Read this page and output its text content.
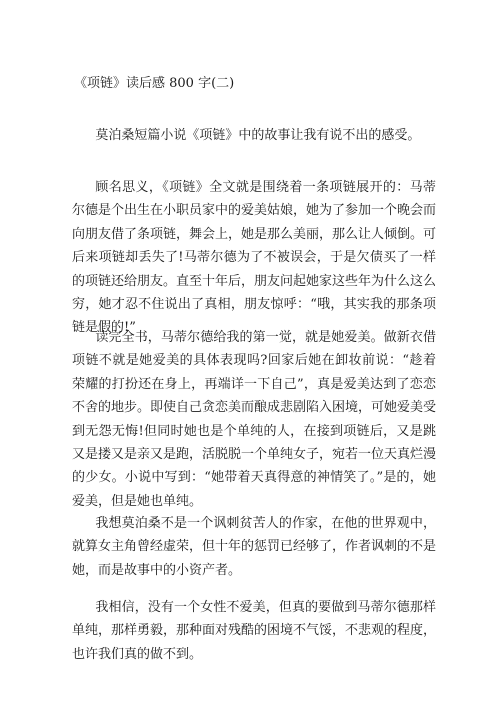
《项链》读后感 800 字(二)

莫泊桑短篇小说《项链》中的故事让我有说不出的感受。

顾名思义，《项链》全文就是围绕着一条项链展开的：马蒂尔德是个出生在小职员家中的爱美姑娘，她为了参加一个晚会而向朋友借了条项链，舞会上，她是那么美丽，那么让人倾倒。可后来项链却丢失了!马蒂尔德为了不被误会，于是欠债买了一样的项链还给朋友。直至十年后，朋友问起她家这些年为什么这么穷，她才忍不住说出了真相，朋友惊呼：“哦，其实我的那条项链是假的!”

读完全书，马蒂尔德给我的第一觉，就是她爱美。做新衣借项链不就是她爱美的具体表现吗?回家后她在卸妆前说：“趁着荣耀的打扮还在身上，再端详一下自己”，真是爱美达到了恋恋不舍的地步。即使自己贪恋美而酿成悲剧陷入困境，可她爱美受到无怨无悔!但同时她也是个单纯的人，在接到项链后，又是跳又是搂又是亲又是跑，活脱脱一个单纯女子，宛若一位天真烂漫的少女。小说中写到：“她带着天真得意的神情笑了。”是的，她爱美，但是她也单纯。

我想莫泊桑不是一个讽刺贫苦人的作家，在他的世界观中，就算女主角曾经虚荣，但十年的惩罚已经够了，作者讽刺的不是她，而是故事中的小资产者。

我相信，没有一个女性不爱美，但真的要做到马蒂尔德那样单纯，那样勇毅，那种面对残酷的困境不气馁，不悲观的程度，也许我们真的做不到。
